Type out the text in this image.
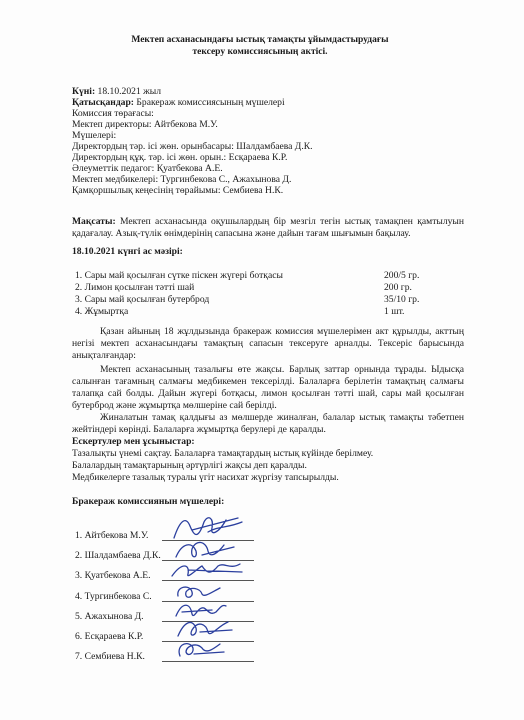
Мектеп асханасындағы ыстық тамақты ұйымдастырудағы
тексеру комиссиясының актісі.
Күні: 18.10.2021 жыл
Қатысқандар: Бракераж комиссиясының мүшелері
Комиссия төрағасы:
Мектеп директоры: Айтбекова М.У.
Мүшелері:
Директордың тәр. ісі жөн. орынбасары: Шалдамбаева Д.К.
Директордың құқ. тәр. ісі жөн. орын.: Есқараева К.Р.
Әлеуметтік педагог: Қуатбекова А.Е.
Мектеп медбикелері: Тургинбекова С., Ажахынова Д.
Қамқоршылық кеңесінің төрайымы: Сембиева Н.К.
Мақсаты: Мектеп асханасында оқушылардың бір мезгіл тегін ыстық тамақпен қамтылуын қадағалау. Азық-түлік өнімдерінің сапасына және дайын тағам шығымын бақылау.
18.10.2021 күнгі ас мәзірі:
1. Сары май қосылған сүтке піскен жүгері ботқасы	200/5 гр.
2. Лимон қосылған тәтті шай	200 гр.
3. Сары май қосылған бутерброд	35/10 гр.
4. Жұмыртқа	1 шт.
Қазан айының 18 жұлдызында бракераж комиссия мүшелерімен акт құрылды, акттың негізі мектеп асханасындағы тамақтың сапасын тексеруге арналды. Тексеріс барысында анықталғандар:
Мектеп асханасының тазалығы өте жақсы. Барлық заттар орнында тұрады. Ыдысқа салынған тағамның салмағы медбикемен тексерілді. Балаларға берілетін тамақтың салмағы талапқа сай болды. Дайын жүгері ботқасы, лимон қосылған тәтті шай, сары май қосылған бутерброд және жұмыртқа мөлшеріне сай берілді.
Жиналатын тамақ қалдығы аз мөлшерде жиналған, балалар ыстық тамақты тәбетпен жейтіндері көрінді. Балаларға жұмыртқа берулері де қаралды.
Ескертулер мен ұсыныстар:
Тазалықты үнемі сақтау. Балаларға тамақтардың ыстық күйінде берілмеу.
Балалардың тамақтарының әртүрлігі жақсы деп қаралды.
Медбикелерге тазалық туралы үгіт насихат жүргізу тапсырылды.
Бракераж комиссиянын мүшелері:
1. Айтбекова М.У.
2. Шалдамбаева Д.К.
3. Қуатбекова А.Е.
4. Тургинбекова С.
5. Ажахынова Д.
6. Есқараева К.Р.
7. Сембиева Н.К.
